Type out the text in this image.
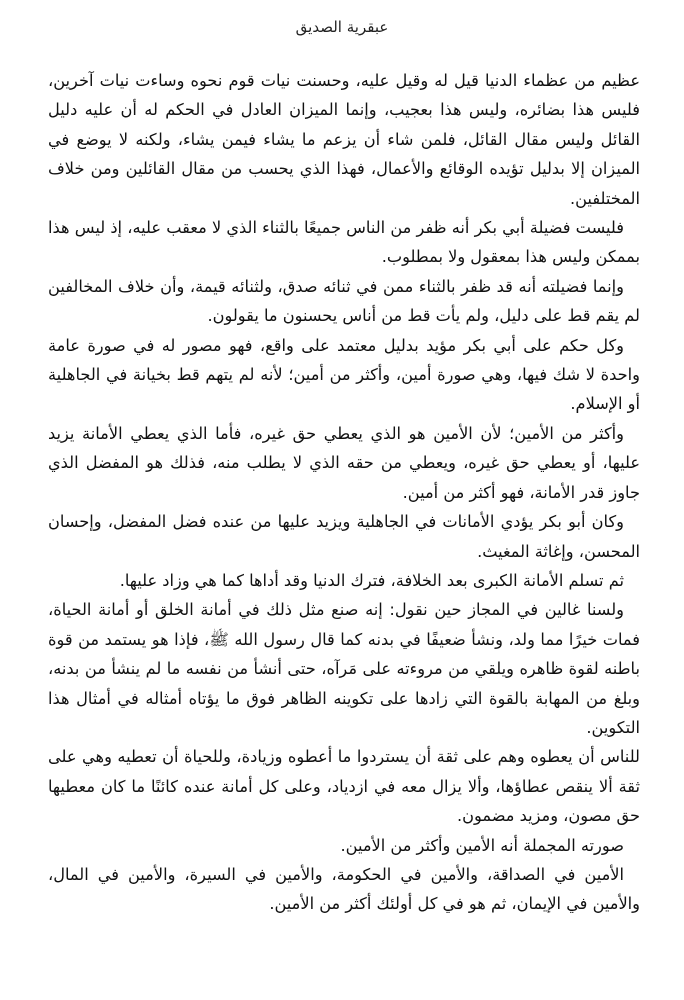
عبقرية الصديق

عظيم من عظماء الدنيا قيل له وقيل عليه، وحسنت نيات قوم نحوه وساءت نيات آخرين، فليس هذا بضائره، وليس هذا بعجيب، وإنما الميزان العادل في الحكم له أن عليه دليل القائل وليس مقال القائل، فلمن شاء أن يزعم ما يشاء فيمن يشاء، ولكنه لا يوضع في الميزان إلا بدليل تؤيده الوقائع والأعمال، فهذا الذي يحسب من مقال القائلين ومن خلاف المختلفين.

فليست فضيلة أبي بكر أنه ظفر من الناس جميعًا بالثناء الذي لا معقب عليه، إذ ليس هذا بممكن وليس هذا بمعقول ولا بمطلوب.

وإنما فضيلته أنه قد ظفر بالثناء ممن في ثنائه صدق، ولثنائه قيمة، وأن خلاف المخالفين لم يقم قط على دليل، ولم يأت قط من أناس يحسنون ما يقولون.

وكل حكم على أبي بكر مؤيد بدليل معتمد على واقع، فهو مصور له في صورة عامة واحدة لا شك فيها، وهي صورة أمين، وأكثر من أمين؛ لأنه لم يتهم قط بخيانة في الجاهلية أو الإسلام.

وأكثر من الأمين؛ لأن الأمين هو الذي يعطي حق غيره، فأما الذي يعطي الأمانة يزيد عليها، أو يعطي حق غيره، ويعطي من حقه الذي لا يطلب منه، فذلك هو المفضل الذي جاوز قدر الأمانة، فهو أكثر من أمين.

وكان أبو بكر يؤدي الأمانات في الجاهلية ويزيد عليها من عنده فضل المفضل، وإحسان المحسن، وإغاثة المغيث.

ثم تسلم الأمانة الكبرى بعد الخلافة، فترك الدنيا وقد أداها كما هي وزاد عليها.

ولسنا غالين في المجاز حين نقول: إنه صنع مثل ذلك في أمانة الخلق أو أمانة الحياة، فمات خيرًا مما ولد، ونشأ ضعيفًا في بدنه كما قال رسول الله ﷺ، فإذا هو يستمد من قوة باطنه لقوة ظاهره ويلقي من مروءته على مَرآه، حتى أنشأ من نفسه ما لم ينشأ من بدنه، وبلغ من المهابة بالقوة التي زادها على تكوينه الظاهر فوق ما يؤتاه أمثاله في أمثال هذا التكوين.

للناس أن يعطوه وهم على ثقة أن يستردوا ما أعطوه وزيادة، وللحياة أن تعطيه وهي على ثقة ألا ينقص عطاؤها، وألا يزال معه في ازدياد، وعلى كل أمانة عنده كائنًا ما كان معطيها حق مصون، ومزيد مضمون.

صورته المجملة أنه الأمين وأكثر من الأمين.

الأمين في الصداقة، والأمين في الحكومة، والأمين في السيرة، والأمين في المال، والأمين في الإيمان، ثم هو في كل أولئك أكثر من الأمين.
